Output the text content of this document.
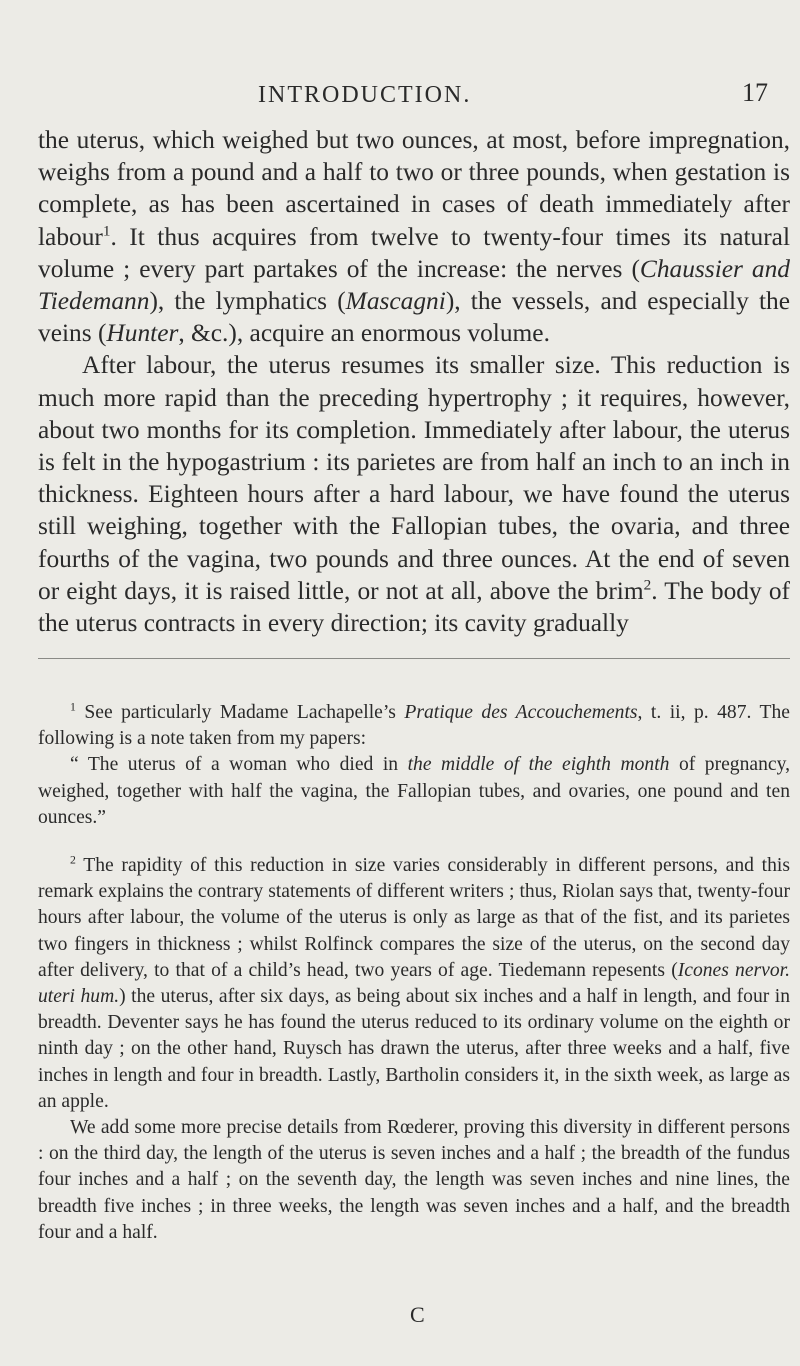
INTRODUCTION.	17

the uterus, which weighed but two ounces, at most, before impregnation, weighs from a pound and a half to two or three pounds, when gestation is complete, as has been ascertained in cases of death immediately after labour$^1$. It thus acquires from twelve to twenty-four times its natural volume ; every part partakes of the increase: the nerves (Chaussier and Tiedemann), the lymphatics (Mascagni), the vessels, and especially the veins (Hunter, &c.), acquire an enormous volume.

After labour, the uterus resumes its smaller size. This reduction is much more rapid than the preceding hypertrophy ; it requires, however, about two months for its completion. Immediately after labour, the uterus is felt in the hypogastrium : its parietes are from half an inch to an inch in thickness. Eighteen hours after a hard labour, we have found the uterus still weighing, together with the Fallopian tubes, the ovaria, and three fourths of the vagina, two pounds and three ounces. At the end of seven or eight days, it is raised little, or not at all, above the brim$^2$. The body of the uterus contracts in every direction; its cavity gradually

$^1$ See particularly Madame Lachapelle’s Pratique des Accouchements, t. ii, p. 487. The following is a note taken from my papers:

“ The uterus of a woman who died in the middle of the eighth month of pregnancy, weighed, together with half the vagina, the Fallopian tubes, and ovaries, one pound and ten ounces.”

$^2$ The rapidity of this reduction in size varies considerably in different persons, and this remark explains the contrary statements of different writers ; thus, Riolan says that, twenty-four hours after labour, the volume of the uterus is only as large as that of the fist, and its parietes two fingers in thickness ; whilst Rolfinck compares the size of the uterus, on the second day after delivery, to that of a child’s head, two years of age. Tiedemann repesents (Icones nervor. uteri hum.) the uterus, after six days, as being about six inches and a half in length, and four in breadth. Deventer says he has found the uterus reduced to its ordinary volume on the eighth or ninth day ; on the other hand, Ruysch has drawn the uterus, after three weeks and a half, five inches in length and four in breadth. Lastly, Bartholin considers it, in the sixth week, as large as an apple.

We add some more precise details from Rœderer, proving this diversity in different persons : on the third day, the length of the uterus is seven inches and a half ; the breadth of the fundus four inches and a half ; on the seventh day, the length was seven inches and nine lines, the breadth five inches ; in three weeks, the length was seven inches and a half, and the breadth four and a half.

C
